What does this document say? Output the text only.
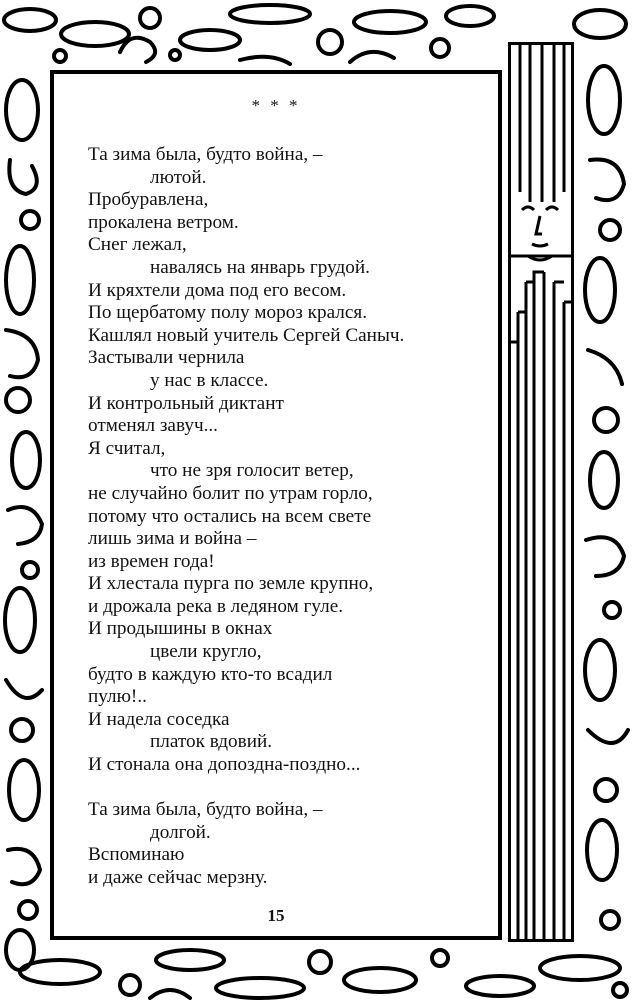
* * *
Та зима была, будто война, –
лютой.
Пробуравлена,
прокалена ветром.
Снег лежал,
навалясь на январь грудой.
И кряхтели дома под его весом.
По щербатому полу мороз крался.
Кашлял новый учитель Сергей Саныч.
Застывали чернила
у нас в классе.
И контрольный диктант
отменял завуч...
Я считал,
что не зря голосит ветер,
не случайно болит по утрам горло,
потому что остались на всем свете
лишь зима и война –
из времен года!
И хлестала пурга по земле крупно,
и дрожала река в ледяном гуле.
И продышины в окнах
цвели кругло,
будто в каждую кто-то всадил
пулю!..
И надела соседка
платок вдовий.
И стонала она допоздна-поздно...
Та зима была, будто война, –
долгой.
Вспоминаю
и даже сейчас мерзну.
15
